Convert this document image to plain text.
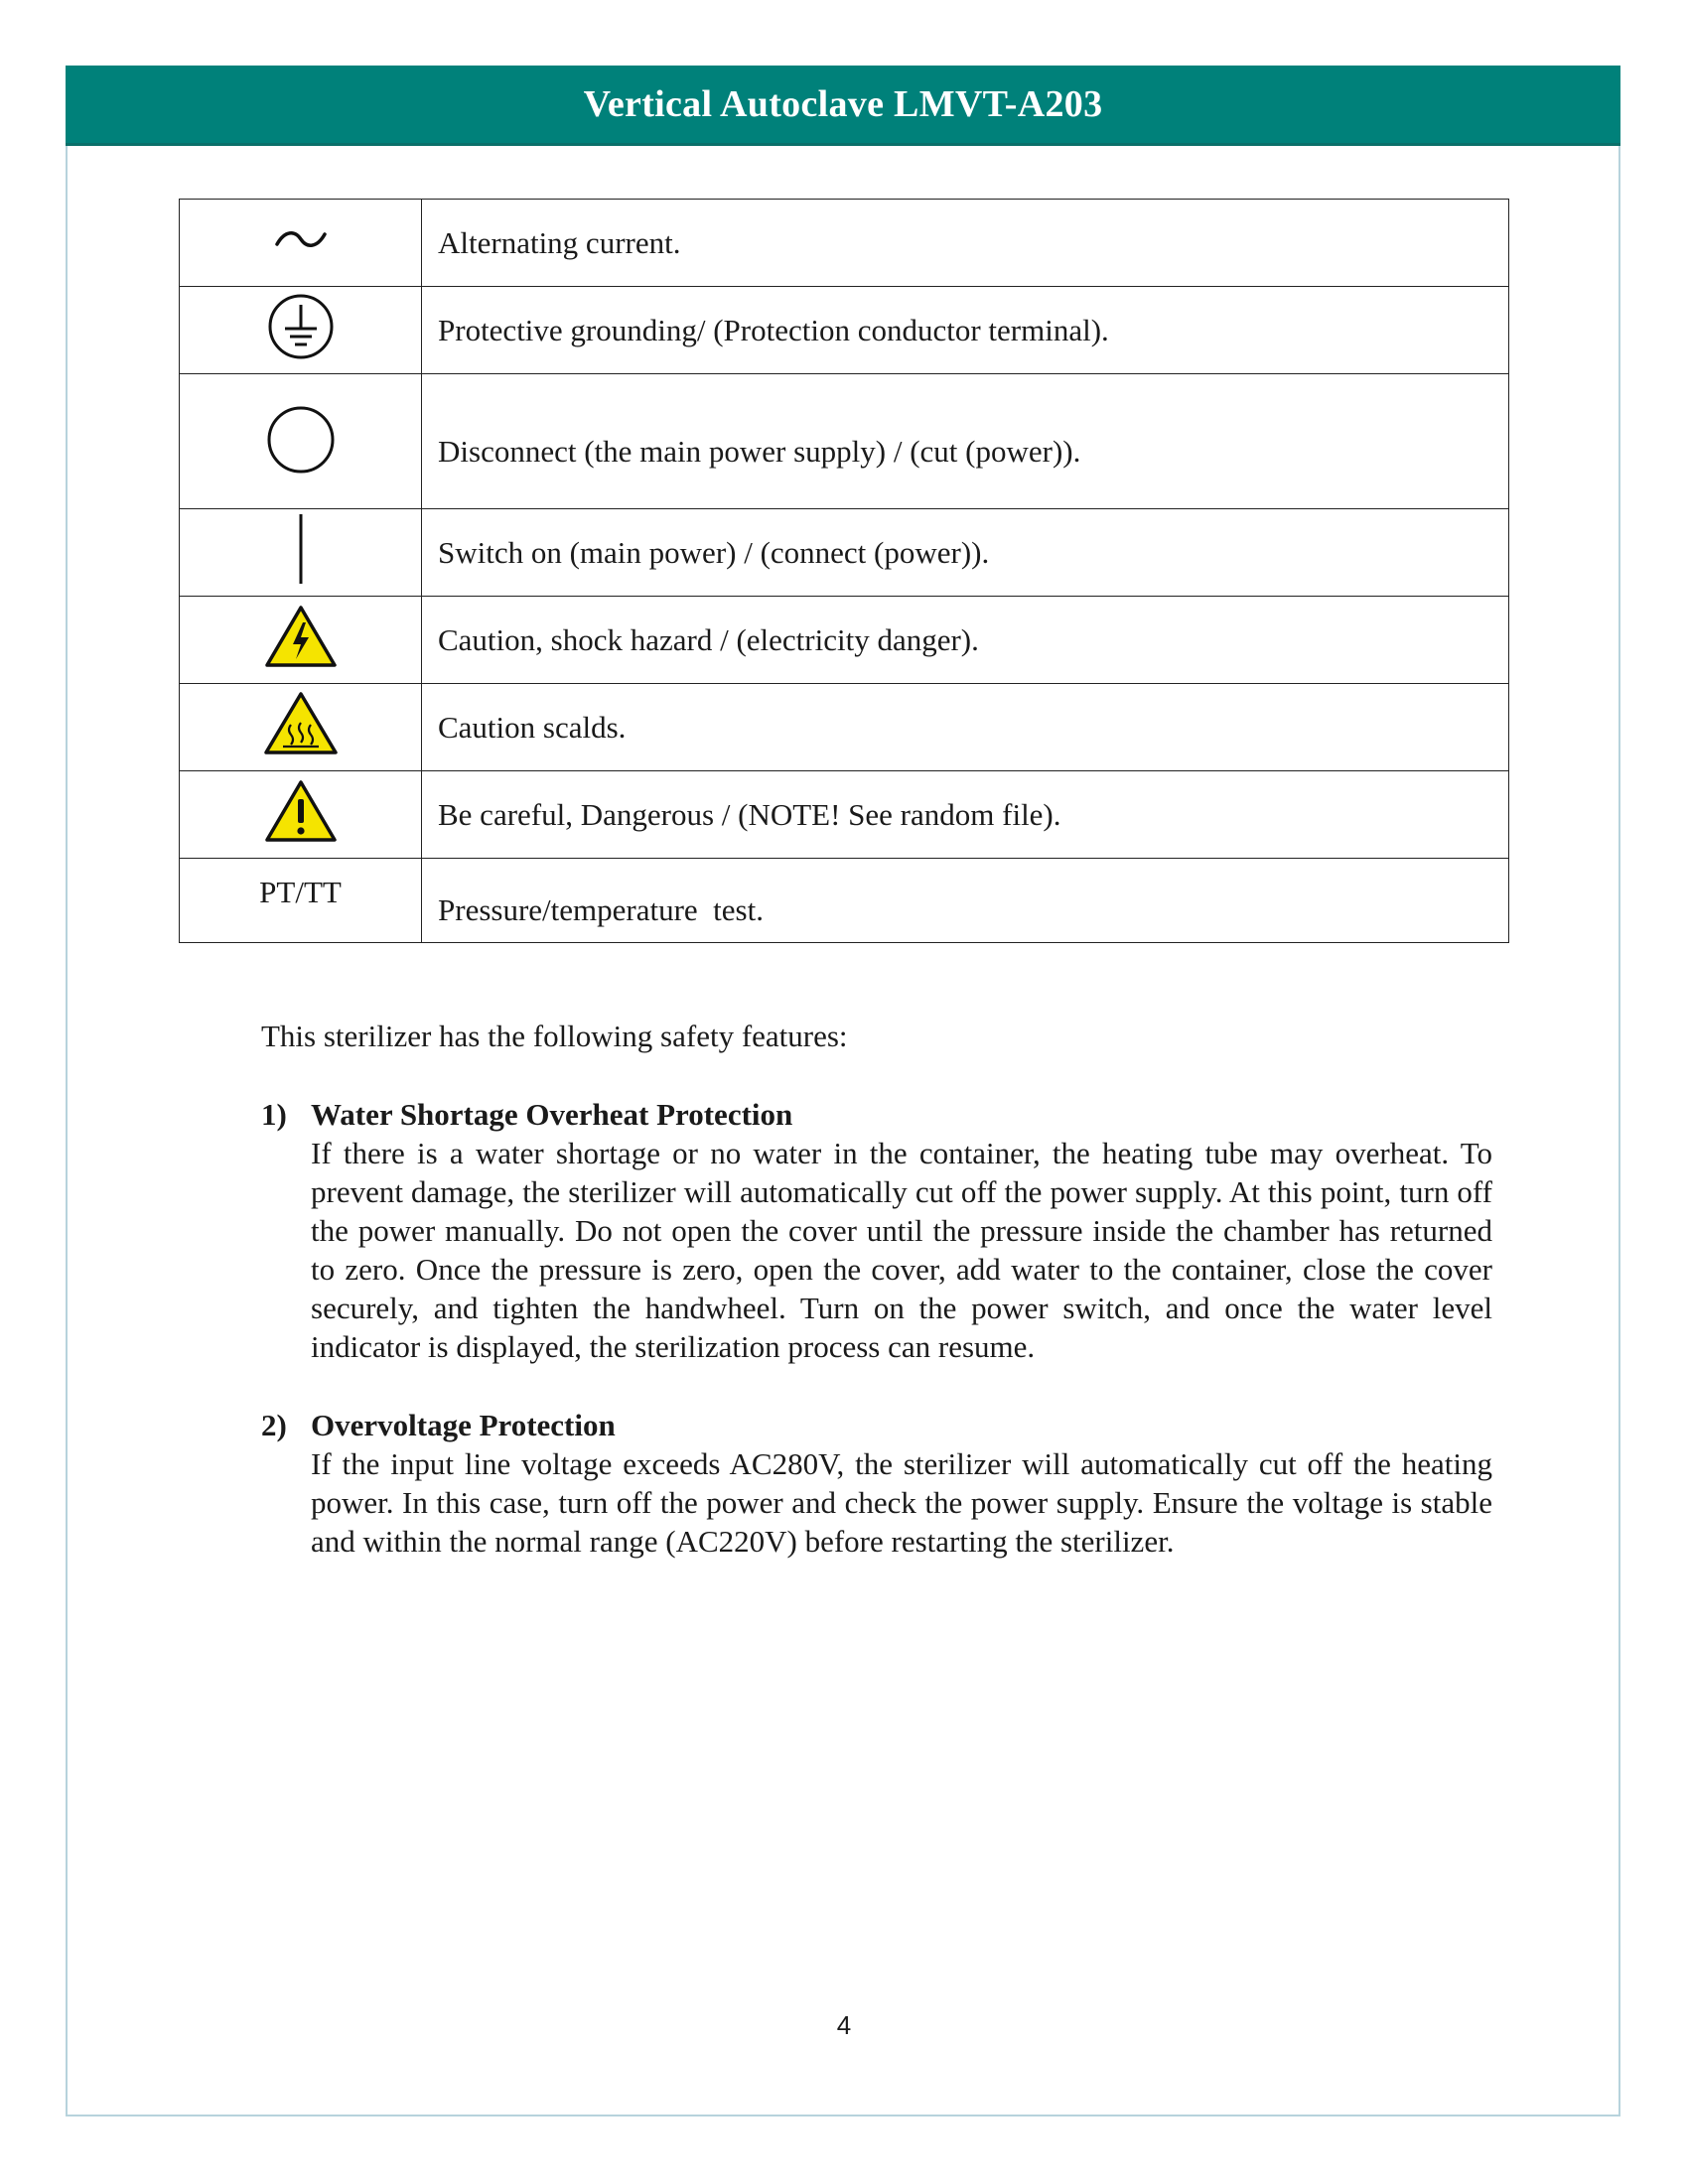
Vertical Autoclave LMVT-A203
	Alternating current.
	Protective grounding/ (Protection conductor terminal).

	Disconnect (the main power supply) / (cut (power)).
	Switch on (main power) / (connect (power)).
	Caution, shock hazard / (electricity danger).
	Caution scalds.
	Be careful, Dangerous / (NOTE! See random file).
PT/TT	Pressure/temperature  test.

This sterilizer has the following safety features:

1) Water Shortage Overheat Protection

If there is a water shortage or no water in the container, the heating tube may overheat. To prevent damage, the sterilizer will automatically cut off the power supply. At this point, turn off the power manually. Do not open the cover until the pressure inside the chamber has returned to zero. Once the pressure is zero, open the cover, add water to the container, close the cover securely, and tighten the handwheel. Turn on the power switch, and once the water level indicator is displayed, the sterilization process can resume.

2) Overvoltage Protection

If the input line voltage exceeds AC280V, the sterilizer will automatically cut off the heating power. In this case, turn off the power and check the power supply. Ensure the voltage is stable and within the normal range (AC220V) before restarting the sterilizer.

4
